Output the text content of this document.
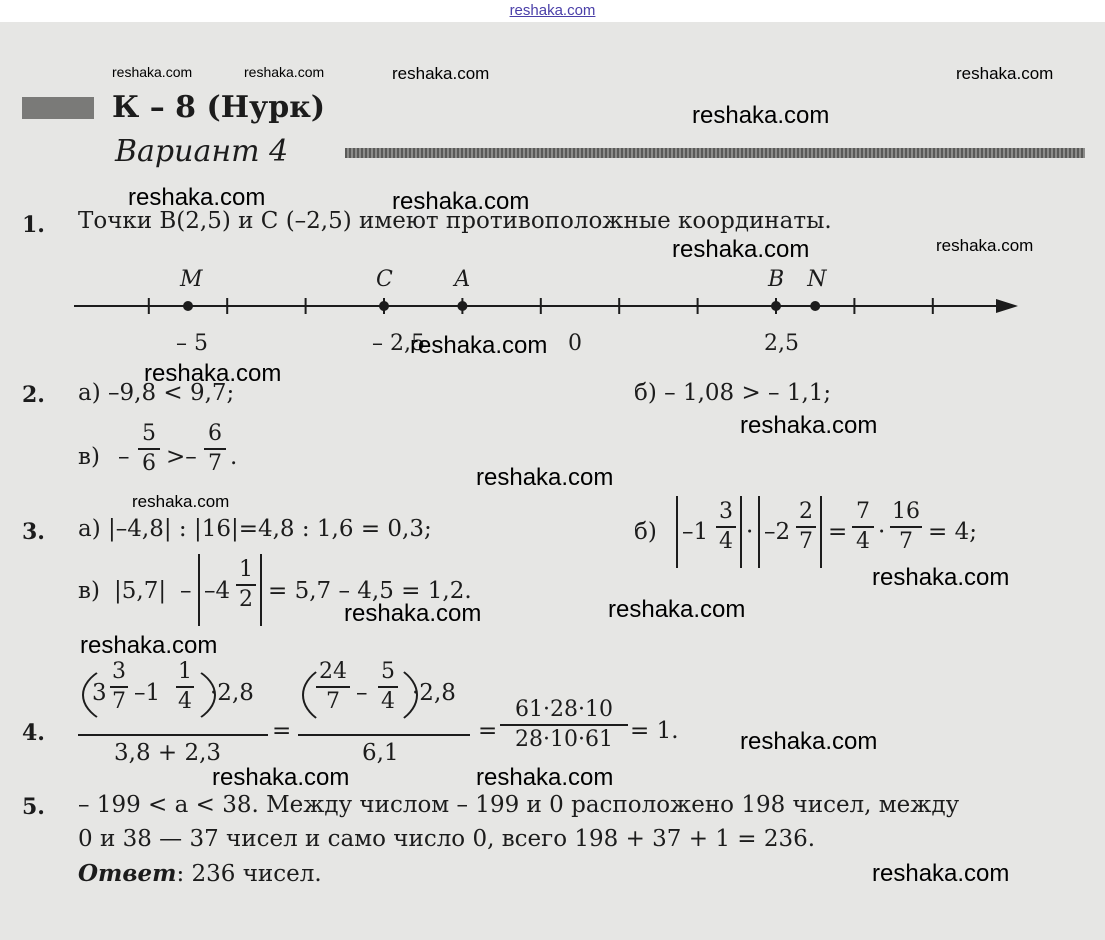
reshaka.com
К – 8 (Нурк)
Вариант 4
1. Точки B(2,5) и C (–2,5) имеют противоположные координаты.
– 5	– 2,5	0	2,5
M	C	A	B N
2. а) –9,8 < 9,7;	б) – 1,08 > – 1,1;
$в) - \frac{5}{6} >- \frac{6}{7}$ .
3. а) |–4,8| : |16|=4,8 : 1,6 = 0,3;	б) $-1 \frac{3}{4} \cdot -2 \frac{2}{7} = \frac{7}{4} \cdot \frac{16}{7} = 4$;
в) $|5,7| - -4 \frac{1}{2} = 5,7 - 4,5 = 1,2$.
4.
$3 \frac{3}{7} -1 \frac{1}{4} \cdot 2,8$
3,8 + 2,3
=
$\frac{24}{7} - \frac{5}{4} \cdot 2,8$
6,1
= $\frac{61\cdot 28\cdot 10}{28\cdot 10\cdot 61} = 1$.
5. – 199 < a < 38. Между числом – 199 и 0 расположено 198 чисел, между
0 и 38 — 37 чисел и само число 0, всего 198 + 37 + 1 = 236.
Ответ: 236 чисел.
reshaka.com	reshaka.com	reshaka.com	reshaka.com
reshaka.com
reshaka.com	reshaka.com
reshaka.com	reshaka.com
reshaka.com
reshaka.com
reshaka.com
reshaka.com
reshaka.com
reshaka.com
reshaka.com
reshaka.com
reshaka.com
reshaka.com
reshaka.com	reshaka.com
reshaka.com
